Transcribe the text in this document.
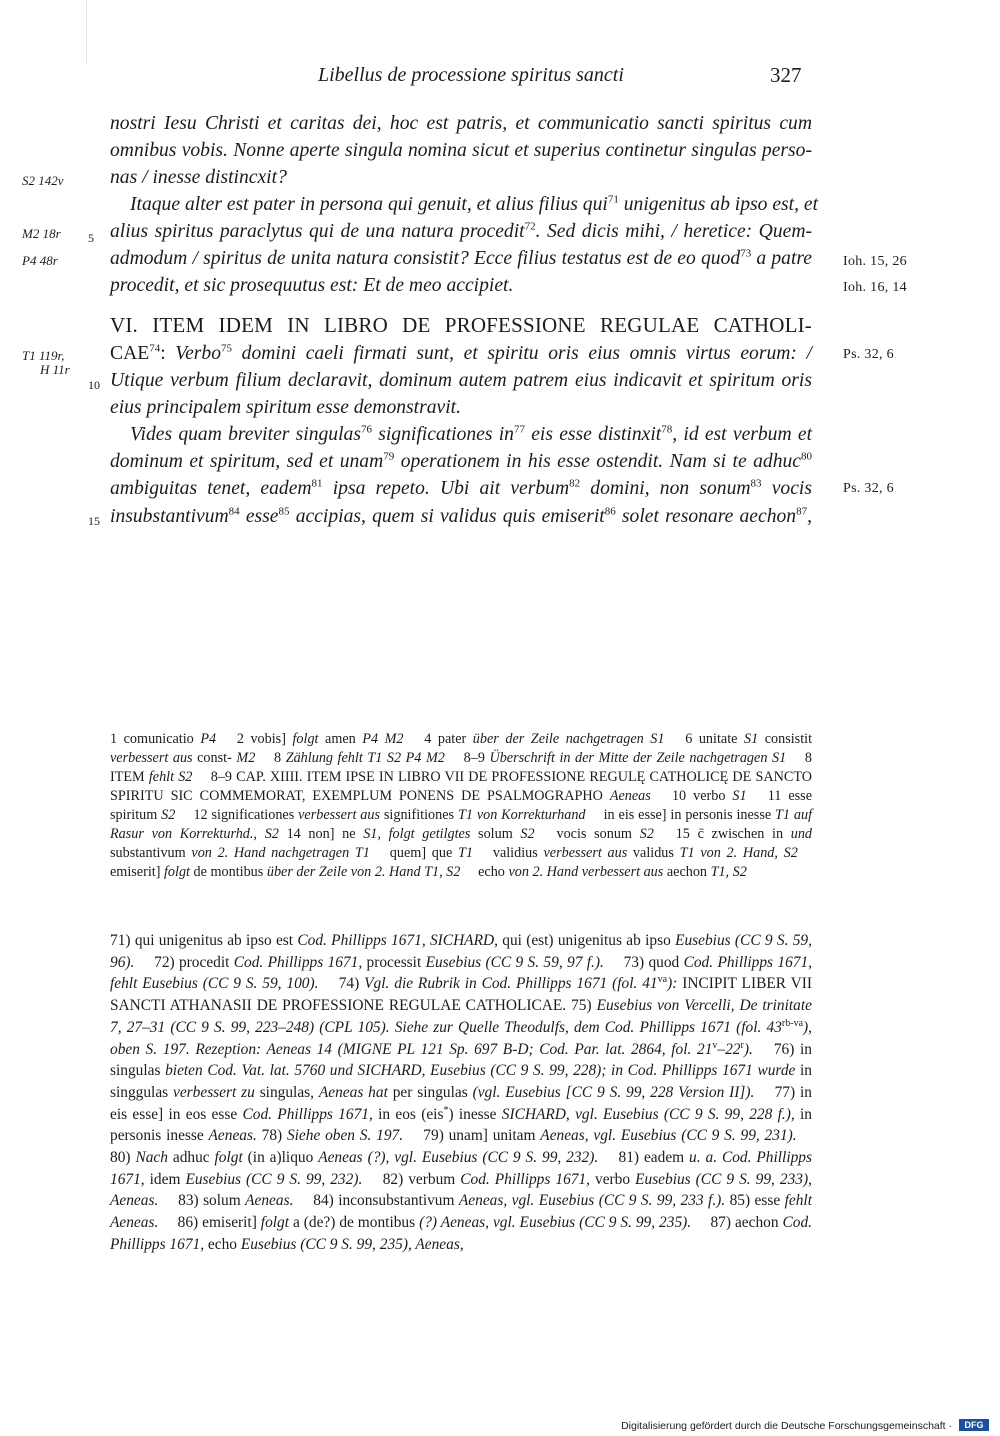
Libellus de processione spiritus sancti	327
S2 142v
M2 18r
P4 48r
T1 119r,
H 11r
5
10
15
Ioh. 15, 26
Ioh. 16, 14
Ps. 32, 6
Ps. 32, 6
nostri Iesu Christi et caritas dei, hoc est patris, et communicatio sancti spiritus cum
omnibus vobis. Nonne aperte singula nomina sicut et superius continetur singulas perso-
nas / inesse distincxit?
Itaque alter est pater in persona qui genuit, et alius filius qui$^{71}$ unigenitus ab ipso est, et
alius spiritus paraclytus qui de una natura procedit$^{72}$. Sed dicis mihi, / heretice: Quem-
admodum / spiritus de unita natura consistit? Ecce filius testatus est de eo quod$^{73}$ a patre
procedit, et sic prosequutus est: Et de meo accipiet.
VI. ITEM IDEM IN LIBRO DE PROFESSIONE REGULAE CATHOLI-
CAE$^{74}$: Verbo$^{75}$ domini caeli firmati sunt, et spiritu oris eius omnis virtus eorum: /
Utique verbum filium declaravit, dominum autem patrem eius indicavit et spiritum oris
eius principalem spiritum esse demonstravit.
Vides quam breviter singulas$^{76}$ significationes $in^{77}$ eis esse distinxit$^{78}$, id est verbum et
dominum et spiritum, sed et unam$^{79}$ operationem in his esse ostendit. Nam si te adhuc$^{80}$
ambiguitas tenet, eadem$^{81}$ ipsa repeto. Ubi ait verbum$^{82}$ domini, non sonum$^{83}$ vocis
insubstantivum$^{84}$ esse$^{85}$ accipias, quem si validus quis emiserit$^{86}$ solet resonare aechon$^{87}$,
1 comunicatio P4  2 vobis] folgt amen P4 M2  4 pater über der Zeile nachgetragen S1  6 unitate S1 consistit verbessert aus const- M2  8 Zählung fehlt T1 S2 P4 M2  8–9 Überschrift in der Mitte der Zeile nachgetragen S1  8 ITEM fehlt S2  8–9 CAP. XIIII. ITEM IPSE IN LIBRO VII DE PROFESSIONE REGULĘ CATHOLICĘ DE SANCTO SPIRITU SIC COMMEMORAT, EXEMPLUM PONENS DE PSALMOGRAPHO Aeneas  10 verbo S1  11 esse spiritum S2  12 significationes verbessert aus signifitiones T1 von Korrekturhand  in eis esse] in personis inesse T1 auf Rasur von Korrekturhd., S2 14 non] ne S1, folgt getilgtes solum S2  vocis sonum S2  15 c̄ zwischen in und substantivum von 2. Hand nachgetragen T1  quem] que T1  validius verbessert aus validus T1 von 2. Hand, S2  emiserit] folgt de montibus über der Zeile von 2. Hand T1, S2  echo von 2. Hand verbessert aus aechon T1, S2
71) qui unigenitus ab ipso est Cod. Phillipps 1671, SICHARD, qui (est) unigenitus ab ipso Eusebius (CC 9 S. 59, 96).  72) procedit Cod. Phillipps 1671, processit Eusebius (CC 9 S. 59, 97 f.).  73) quod Cod. Phillipps 1671, fehlt Eusebius (CC 9 S. 59, 100).  74) Vgl. die Rubrik in Cod. Phillipps 1671 (fol. $41^{va}$): INCIPIT LIBER VII SANCTI ATHANASII DE PROFESSIONE REGULAE CATHOLICAE. 75) Eusebius von Vercelli, De trinitate 7, 27–31 (CC 9 S. 99, 223–248) (CPL 105). Siehe zur Quelle Theodulfs, dem Cod. Phillipps 1671 (fol. $43^{rb-va}$), oben S. 197. Rezeption: Aeneas 14 (MIGNE PL 121 Sp. 697 B-D; Cod. Par. lat. 2864, fol. 21$^v$–22$^r$).  76) in singulas bieten Cod. Vat. lat. 5760 und SICHARD, Eusebius (CC 9 S. 99, 228); in Cod. Phillipps 1671 wurde in singgulas verbessert zu singulas, Aeneas hat per singulas (vgl. Eusebius [CC 9 S. 99, 228 Version II]).  77) in eis esse] in eos esse Cod. Phillipps 1671, in eos (eis*) inesse SICHARD, vgl. Eusebius (CC 9 S. 99, 228 f.), in personis inesse Aeneas. 78) Siehe oben S. 197.  79) unam] unitam Aeneas, vgl. Eusebius (CC 9 S. 99, 231).  80) Nach adhuc folgt (in a)liquo Aeneas (?), vgl. Eusebius (CC 9 S. 99, 232).  81) eadem u. a. Cod. Phillipps 1671, idem Eusebius (CC 9 S. 99, 232).  82) verbum Cod. Phillipps 1671, verbo Eusebius (CC 9 S. 99, 233), Aeneas.  83) solum Aeneas.  84) inconsubstantivum Aeneas, vgl. Eusebius (CC 9 S. 99, 233 f.). 85) esse fehlt Aeneas.  86) emiserit] folgt a (de?) de montibus (?) Aeneas, vgl. Eusebius (CC 9 S. 99, 235).  87) aechon Cod. Phillipps 1671, echo Eusebius (CC 9 S. 99, 235), Aeneas,
Digitalisierung gefördert durch die Deutsche Forschungsgemeinschaft ·	DFG
